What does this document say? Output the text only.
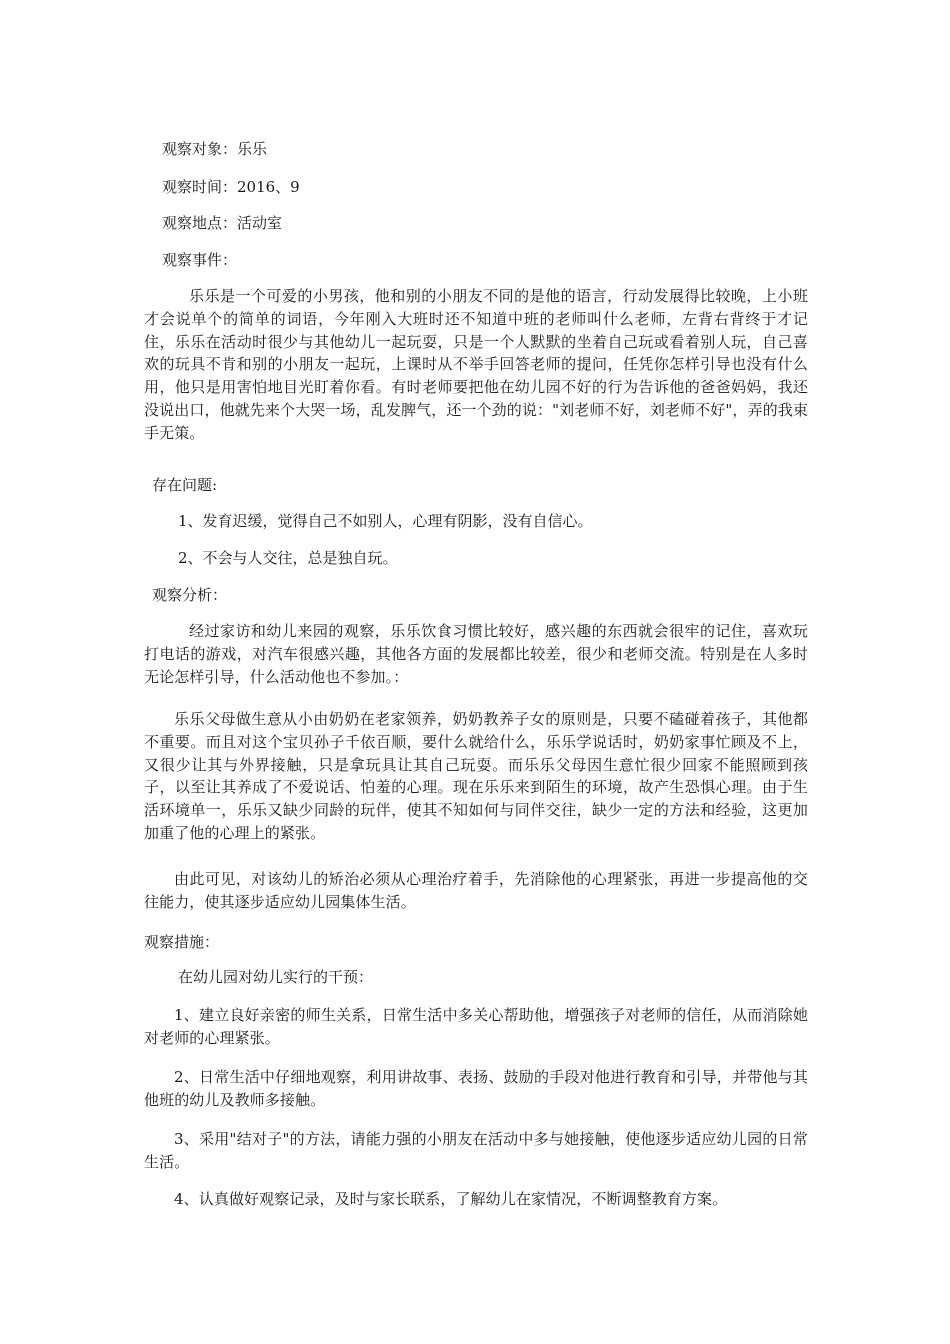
观察对象：乐乐
观察时间：2016、9
观察地点：活动室
观察事件：
乐乐是一个可爱的小男孩，他和别的小朋友不同的是他的语言，行动发展得比较晚，上小班才会说单个的简单的词语，今年刚入大班时还不知道中班的老师叫什么老师，左背右背终于才记住，乐乐在活动时很少与其他幼儿一起玩耍，只是一个人默默的坐着自己玩或看着别人玩，自己喜欢的玩具不肯和别的小朋友一起玩，上课时从不举手回答老师的提问，任凭你怎样引导也没有什么用，他只是用害怕地目光盯着你看。有时老师要把他在幼儿园不好的行为告诉他的爸爸妈妈，我还没说出口，他就先来个大哭一场，乱发脾气，还一个劲的说："刘老师不好，刘老师不好"，弄的我束手无策。
存在问题:
1、发育迟缓，觉得自己不如别人，心理有阴影，没有自信心。
2、不会与人交往，总是独自玩。
观察分析：
经过家访和幼儿来园的观察，乐乐饮食习惯比较好，感兴趣的东西就会很牢的记住，喜欢玩打电话的游戏，对汽车很感兴趣，其他各方面的发展都比较差，很少和老师交流。特别是在人多时无论怎样引导，什么活动他也不参加。：
乐乐父母做生意从小由奶奶在老家领养，奶奶教养子女的原则是，只要不磕碰着孩子，其他都不重要。而且对这个宝贝孙子千依百顺，要什么就给什么，乐乐学说话时，奶奶家事忙顾及不上，又很少让其与外界接触，只是拿玩具让其自己玩耍。而乐乐父母因生意忙很少回家不能照顾到孩子，以至让其养成了不爱说话、怕羞的心理。现在乐乐来到陌生的环境，故产生恐惧心理。由于生活环境单一，乐乐又缺少同龄的玩伴，使其不知如何与同伴交往，缺少一定的方法和经验，这更加加重了他的心理上的紧张。
由此可见，对该幼儿的矫治必须从心理治疗着手，先消除他的心理紧张，再进一步提高他的交往能力，使其逐步适应幼儿园集体生活。
观察措施：
在幼儿园对幼儿实行的干预：
1、建立良好亲密的师生关系，日常生活中多关心帮助他，增强孩子对老师的信任，从而消除她对老师的心理紧张。
2、日常生活中仔细地观察，利用讲故事、表扬、鼓励的手段对他进行教育和引导，并带他与其他班的幼儿及教师多接触。
3、采用"结对子"的方法，请能力强的小朋友在活动中多与她接触，使他逐步适应幼儿园的日常生活。
4、认真做好观察记录，及时与家长联系，了解幼儿在家情况，不断调整教育方案。
